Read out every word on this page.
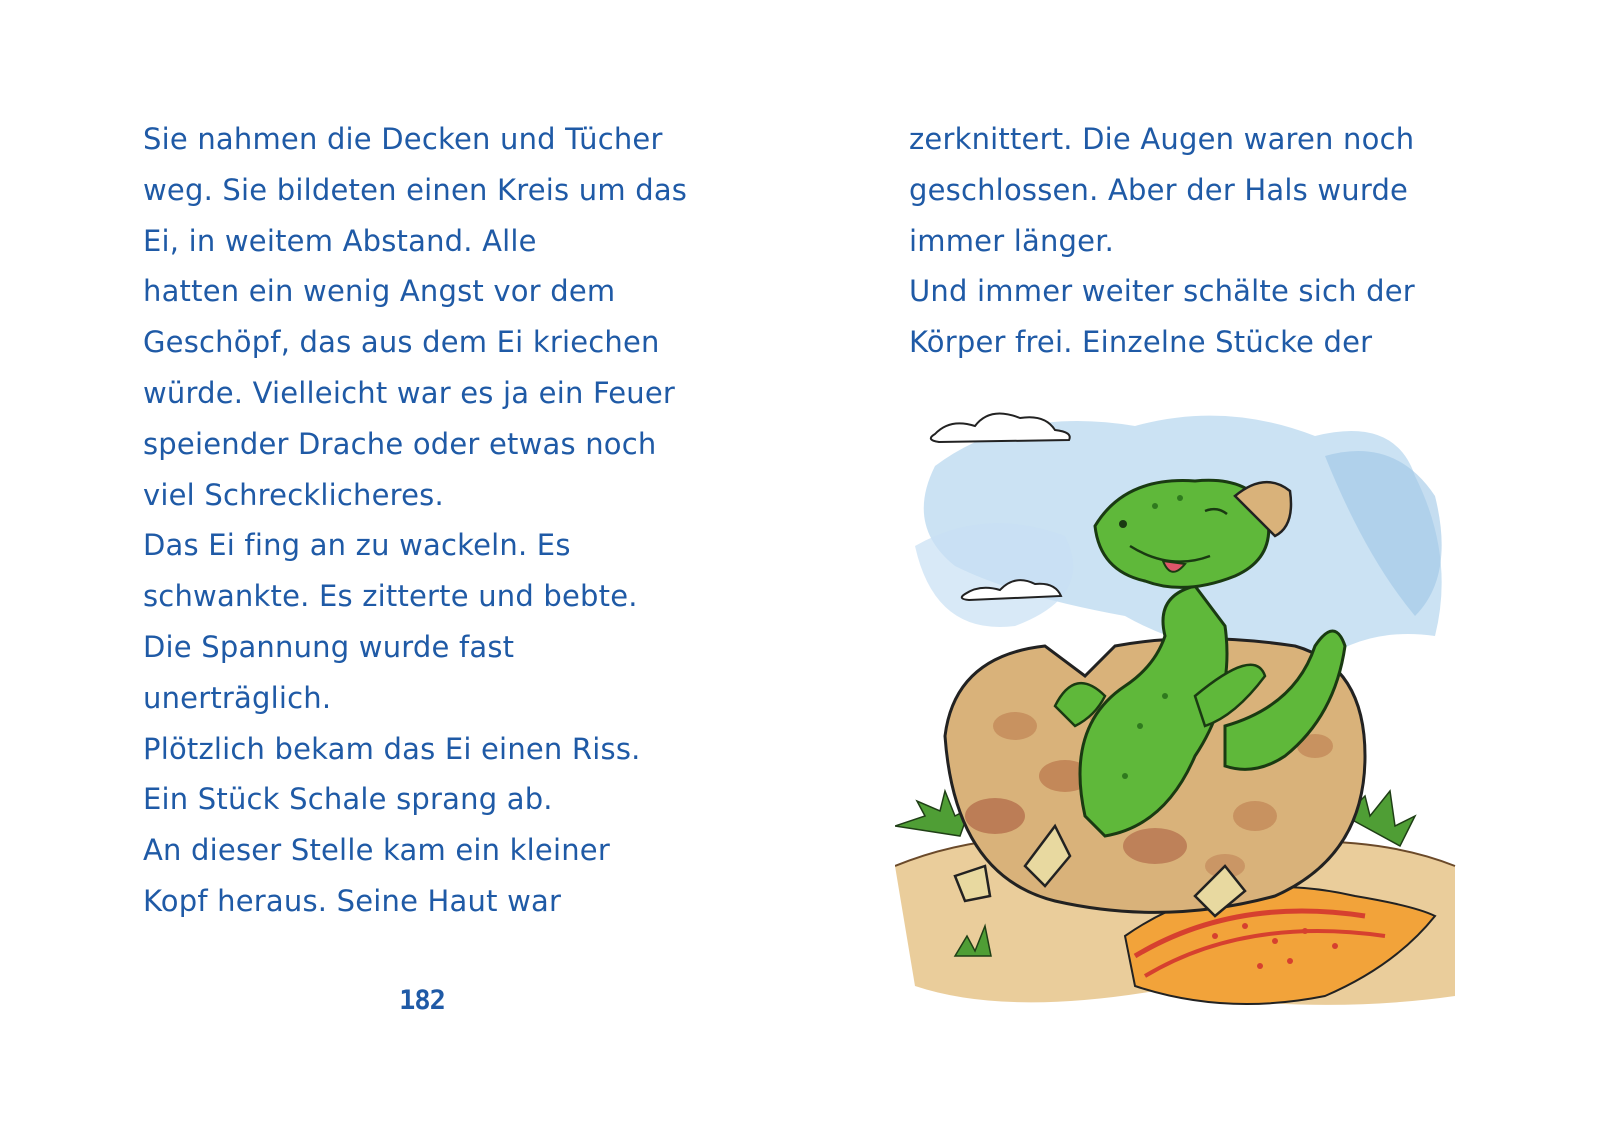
Sie nahmen die Decken und Tücher
weg. Sie bildeten einen Kreis um das
Ei, in weitem Abstand. Alle
hatten ein wenig Angst vor dem
Geschöpf, das aus dem Ei kriechen
würde. Vielleicht war es ja ein Feuer
speiender Drache oder etwas noch
viel Schrecklicheres.
Das Ei fing an zu wackeln. Es
schwankte. Es zitterte und bebte.
Die Spannung wurde fast
unerträglich.
Plötzlich bekam das Ei einen Riss.
Ein Stück Schale sprang ab.
An dieser Stelle kam ein kleiner
Kopf heraus. Seine Haut war
182
zerknittert. Die Augen waren noch
geschlossen. Aber der Hals wurde
immer länger.
Und immer weiter schälte sich der
Körper frei. Einzelne Stücke der
